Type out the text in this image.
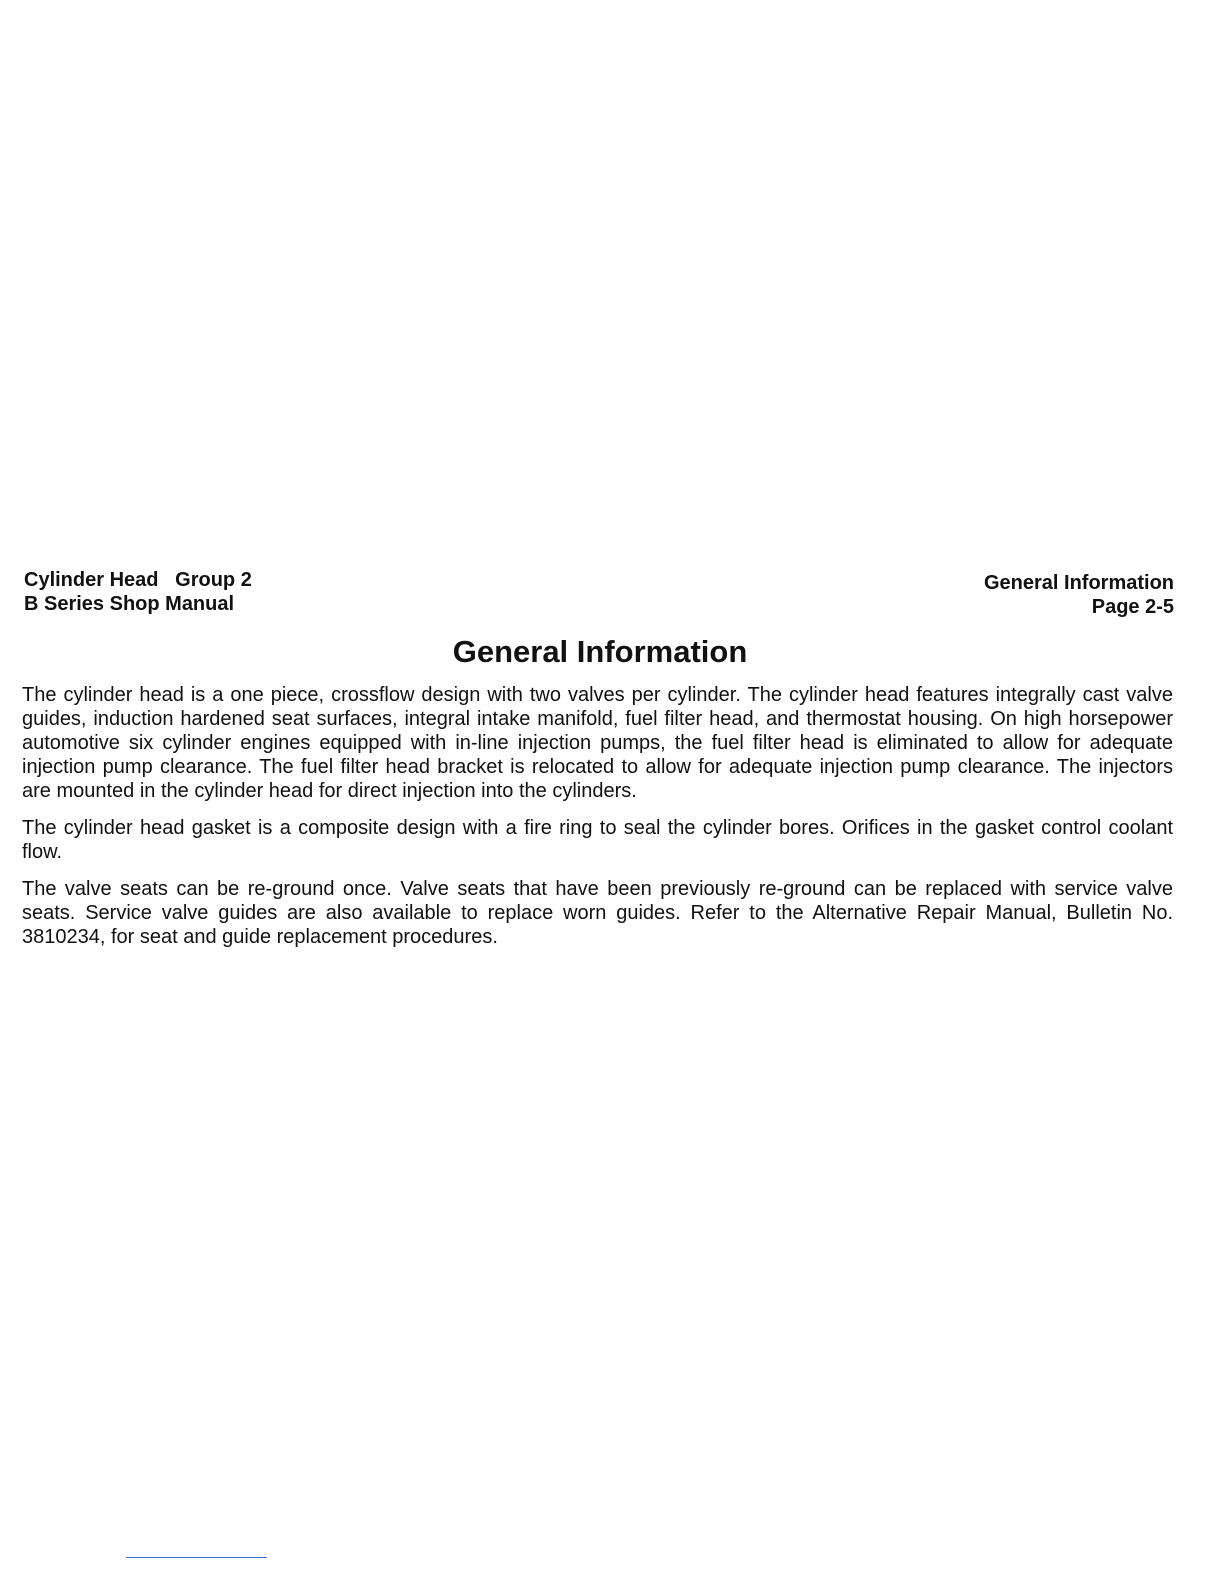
Cylinder Head   Group 2
B Series Shop Manual
General Information
Page 2-5
General Information

The cylinder head is a one piece, crossflow design with two valves per cylinder. The cylinder head features integrally cast valve guides, induction hardened seat surfaces, integral intake manifold, fuel filter head, and thermostat housing. On high horsepower automotive six cylinder engines equipped with in-line injection pumps, the fuel filter head is eliminated to allow for adequate injection pump clearance. The fuel filter head bracket is relocated to allow for adequate injection pump clearance. The injectors are mounted in the cylinder head for direct injection into the cylinders.

The cylinder head gasket is a composite design with a fire ring to seal the cylinder bores. Orifices in the gasket control coolant flow.

The valve seats can be re-ground once. Valve seats that have been previously re-ground can be replaced with service valve seats. Service valve guides are also available to replace worn guides. Refer to the Alternative Repair Manual, Bulletin No. 3810234, for seat and guide replacement procedures.
